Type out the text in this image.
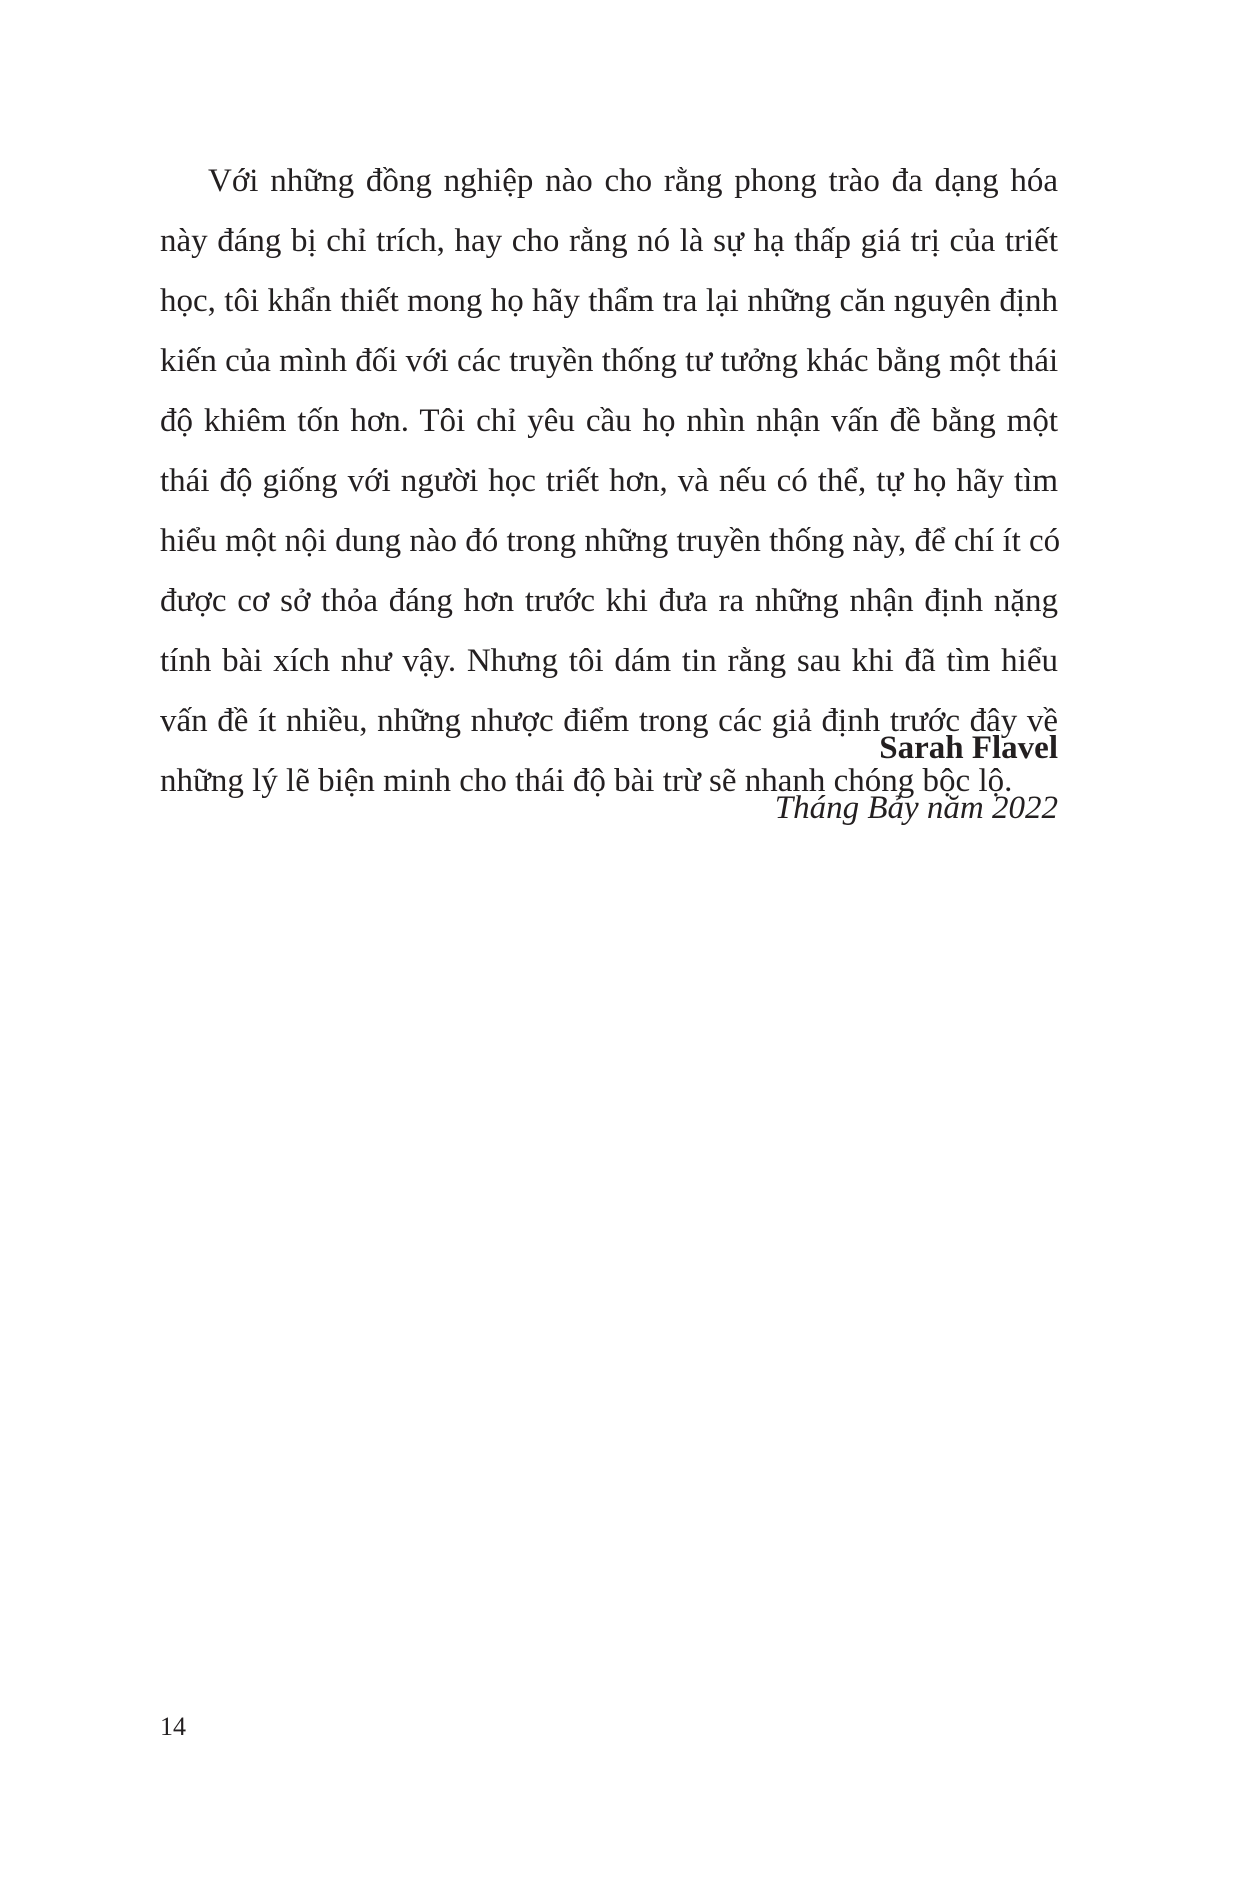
Với những đồng nghiệp nào cho rằng phong trào đa dạng hóa
này đáng bị chỉ trích, hay cho rằng nó là sự hạ thấp giá trị của triết
học, tôi khẩn thiết mong họ hãy thẩm tra lại những căn nguyên định
kiến của mình đối với các truyền thống tư tưởng khác bằng một thái
độ khiêm tốn hơn. Tôi chỉ yêu cầu họ nhìn nhận vấn đề bằng một
thái độ giống với người học triết hơn, và nếu có thể, tự họ hãy tìm
hiểu một nội dung nào đó trong những truyền thống này, để chí ít có
được cơ sở thỏa đáng hơn trước khi đưa ra những nhận định nặng
tính bài xích như vậy. Nhưng tôi dám tin rằng sau khi đã tìm hiểu
vấn đề ít nhiều, những nhược điểm trong các giả định trước đây về
những lý lẽ biện minh cho thái độ bài trừ sẽ nhanh chóng bộc lộ.
Sarah Flavel
Tháng Bảy năm 2022
14
